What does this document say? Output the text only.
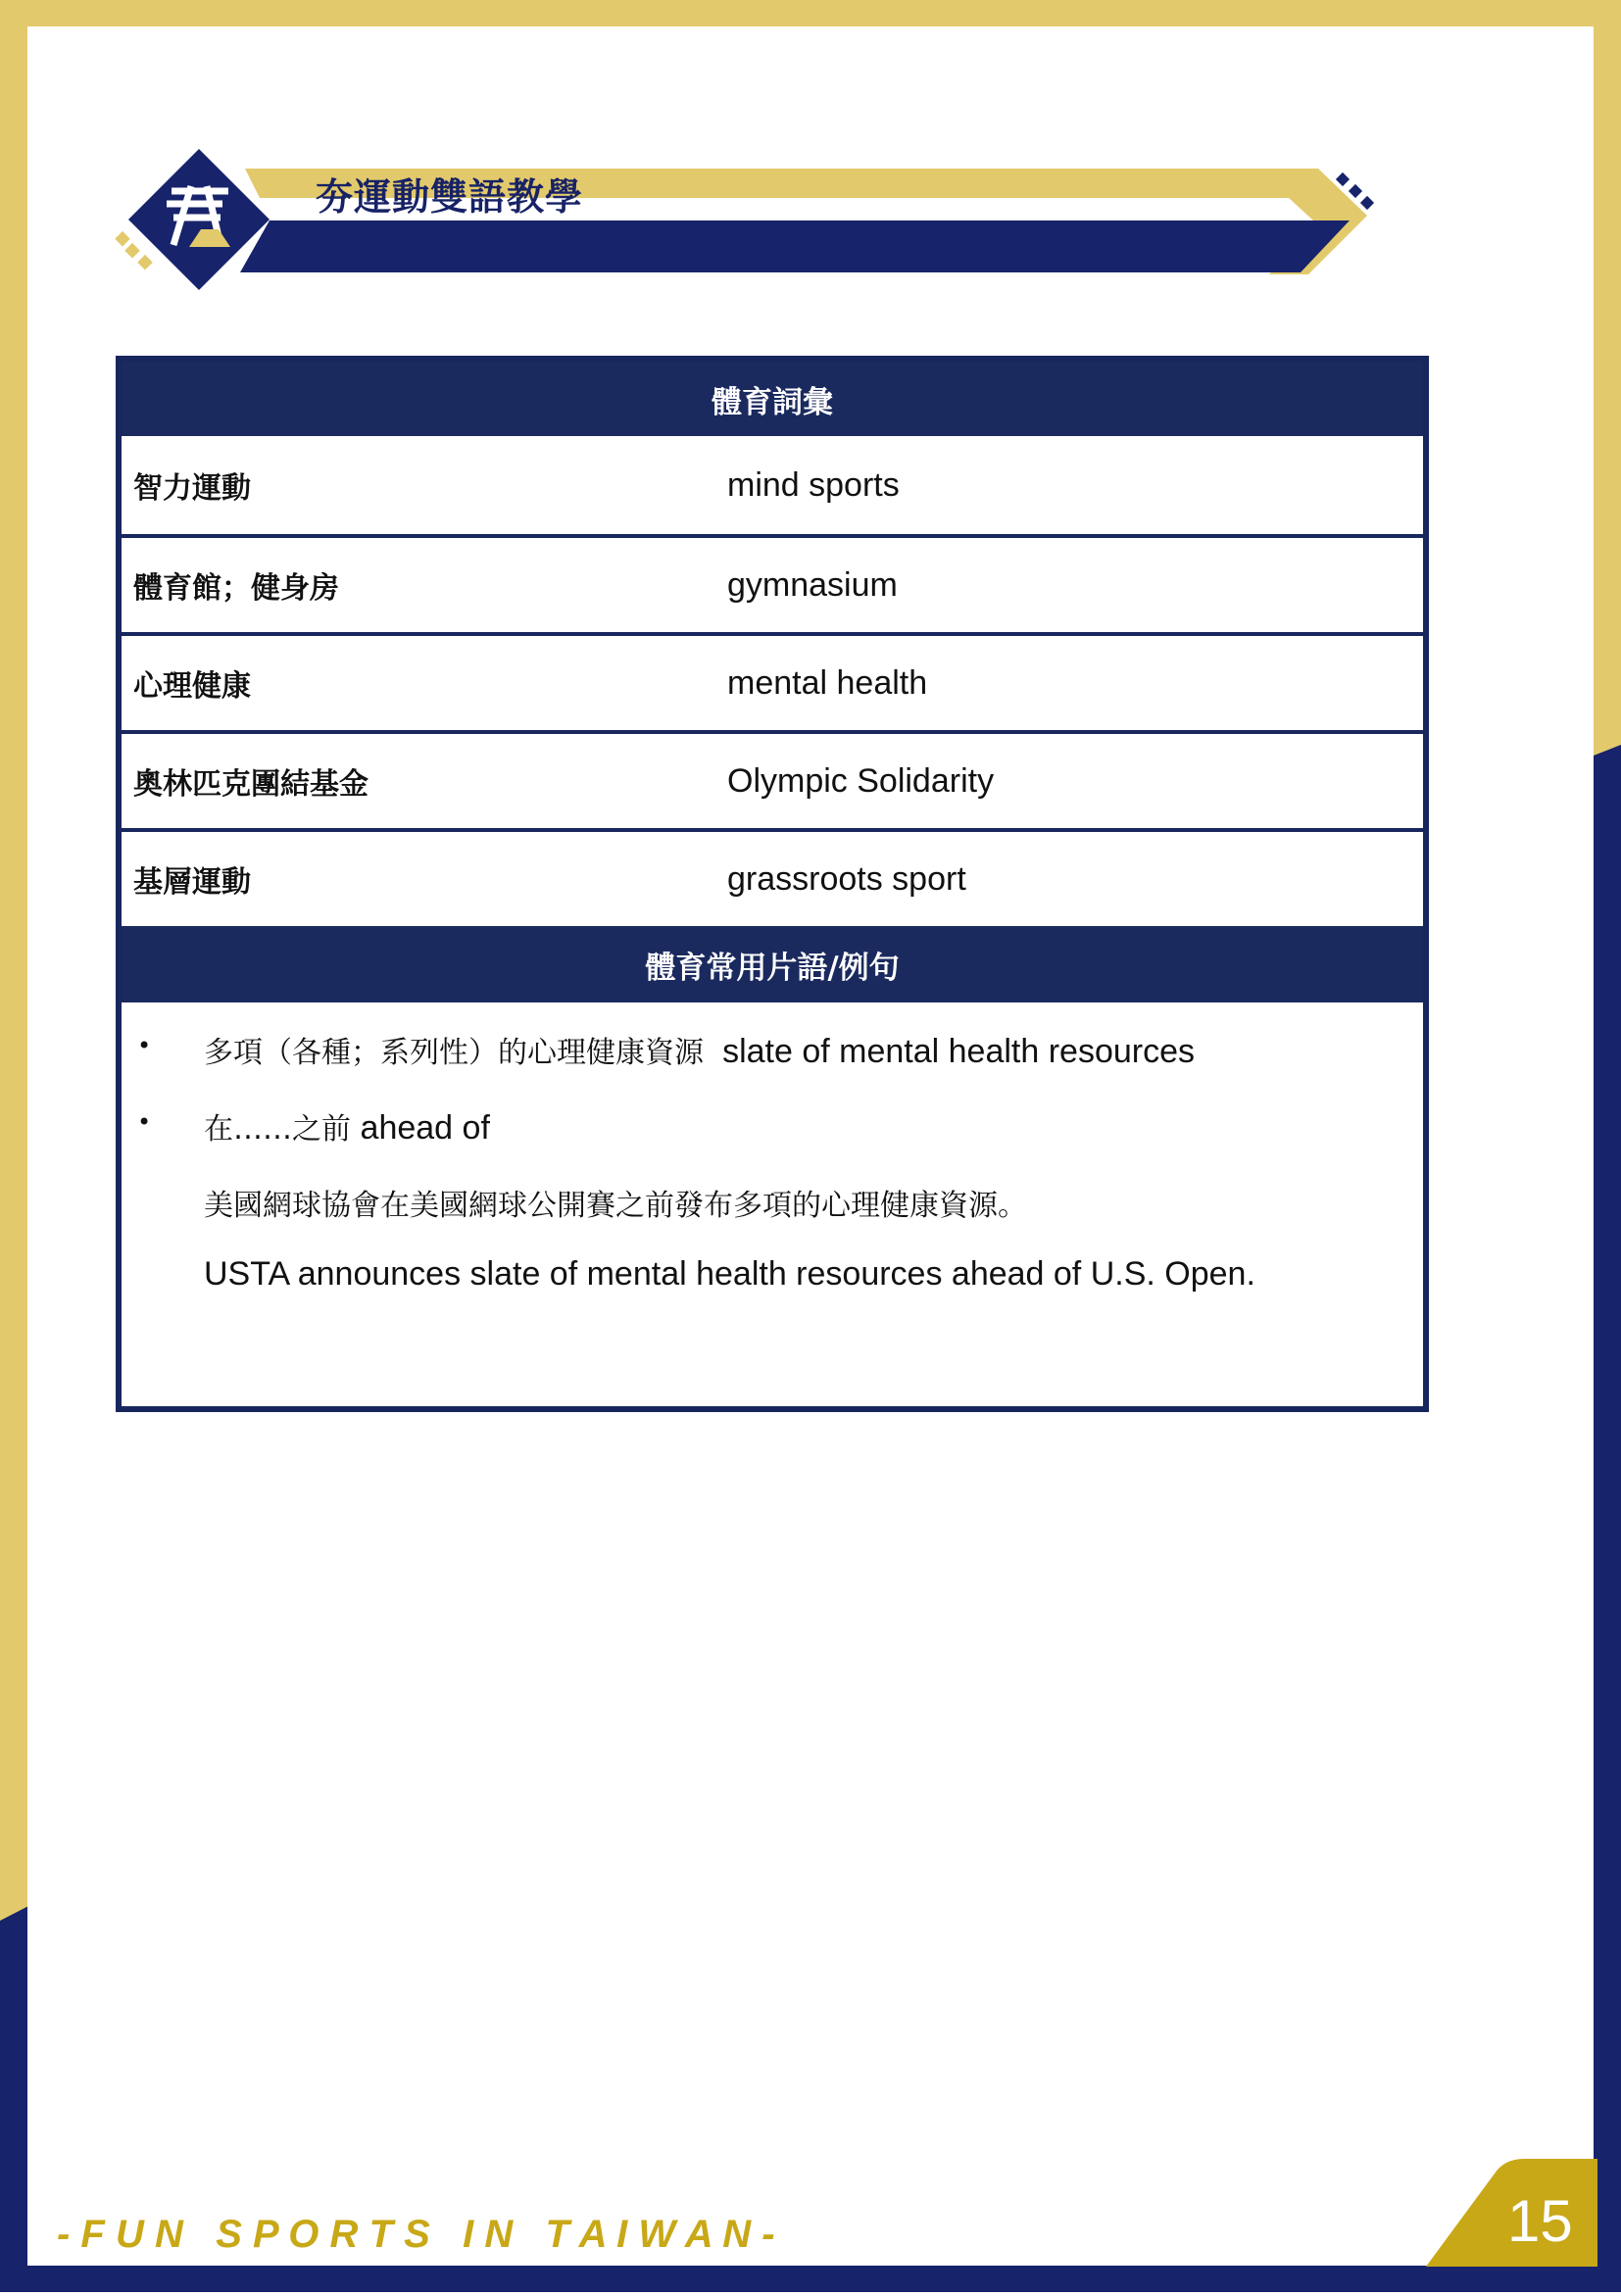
夯運動雙語教學
體育詞彙
智力運動	mind sports
體育館；健身房	gymnasium
心理健康	mental health
奧林匹克團結基金	Olympic Solidarity
基層運動	grassroots sport
體育常用片語/例句
• 多項（各種；系列性）的心理健康資源 slate of mental health resources
• 在……之前 ahead of
美國網球協會在美國網球公開賽之前發布多項的心理健康資源。
USTA announces slate of mental health resources ahead of U.S. Open.
- F U N   S P O R T S   I N   T A I W A N -	15
